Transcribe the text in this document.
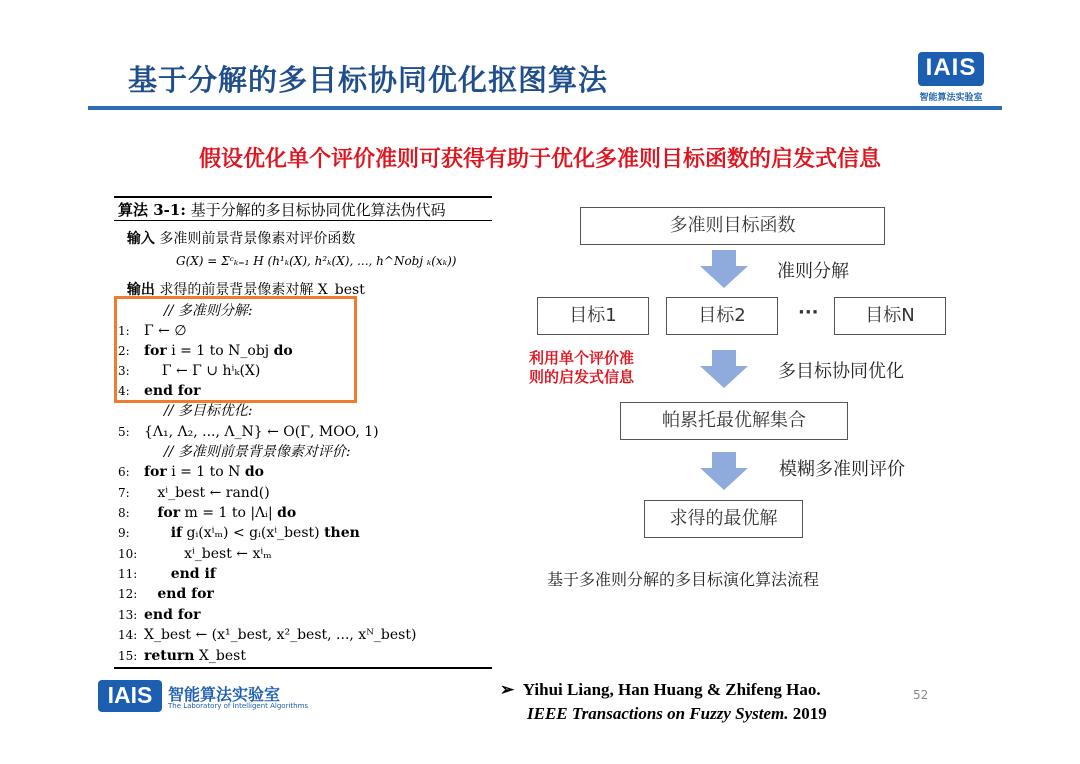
基于分解的多目标协同优化抠图算法	IAIS
智能算法实验室
假设优化单个评价准则可获得有助于优化多准则目标函数的启发式信息
算法 3-1: 基于分解的多目标协同优化算法伪代码
输入 多准则前景背景像素对评价函数
G(X) = Σᶜₖ₌₁ H (h¹ₖ(X), h²ₖ(X), ..., h^Nobj ₖ(xₖ))
输出 求得的前景背景像素对解 X_best
// 多准则分解:
1: Γ ← ∅
2: for i = 1 to N_obj do
3: Γ ← Γ ∪ hⁱₖ(X)
4: end for
// 多目标优化:
5: {Λ₁, Λ₂, ..., Λ_N} ← O(Γ, MOO, 1)
// 多准则前景背景像素对评价:
6: for i = 1 to N do
7: xⁱ_best ← rand()
8: for m = 1 to |Λᵢ| do
9:	if gᵢ(xⁱₘ) < gᵢ(xⁱ_best) then
10:	xⁱ_best ← xⁱₘ
11: end if
12: end for
13: end for
14: X_best ← (x¹_best, x²_best, ..., xᴺ_best)
15: return X_best
多准则目标函数
准则分解
目标1	目标2	···	目标N
利用单个评价准
则的启发式信息	多目标协同优化
帕累托最优解集合
模糊多准则评价
求得的最优解
基于多准则分解的多目标演化算法流程
IAIS 智能算法实验室
The Laboratory of Intelligent Algorithms
➢ Yihui Liang, Han Huang & Zhifeng Hao.
IEEE Transactions on Fuzzy System. 2019
52
